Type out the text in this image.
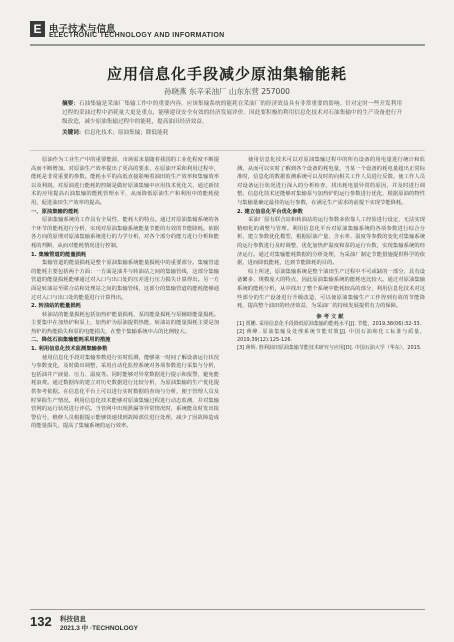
E 电子技术与信息
ELECTRONIC TECHNOLOGY AND INFORMATION
应用信息化手段减少原油集输能耗
孙晓燕 东辛采油厂 山东东营 257000
摘要：石油集输是采油厂集输工作中的重要内容。应该集输系统的能耗在采油厂的经济效益具有非常重要的影响。针对定时一些开发利用过程的采油过程中消耗量大更是重点，能够建设安全有效的经济发展评价。因此要积极的利用信息化技术对石油集输中的生产设备进行升级改造，减少原油集输过程中的能耗，提高油田经济效益。
关键词：信息化技术；原油集输；降低能耗

原油作为工业生产中的重要能源，市场需求量随着我国的工业化程度不断提高而不断增加。对原油生产效率提出了更高的要求，在原油开采和利用过程中，能耗是非常重要的参数。能耗水平的高低直接影响着油田的生产效率和集输效率以及利润。对原油进行能耗的控制是做好原油集输中应用技术优化关，通过新技术的应用提高石油集输的能耗管理水平，从而降低原油生产和利用中的能耗使用，促进油田生产效率的提高。

一、原油集输的能耗

原油集输系统的工作具有全局性，能耗大的特点。通过对原油集输系统的各个环节的能耗进行分析，实现对原油集输系统能量节能的有效的节能降耗。依据各方向的原理对原油集输系统进行的力学分析，对各个部分的能力进行分析和能耗的判断，从而对能耗情况进行控制。

1. 集输管道的能量损耗

集输管道的能量损耗是整个原油集输系统能量损耗中的重要部分。集输管道的能耗主要包括两个方面：一方面是油井与转油站之间的集输管线，这部分集输管道的能量损耗能够通过对入口与出口处的压差进行压力损失计算得出。另一方面是转油站至联合站和处理站之间的集输管线，这部分的集输管道的能耗能够通过对入口与出口处的能量进行计算得出。

2. 转油站的能量损耗

转油站的能量损耗包括加热炉能量损耗、泵的能量损耗与泵辅助能量损耗。主要集中在加热炉和泵上，加热炉为原油提供热能，转油站的能量损耗主要是加热炉的热能损失和泵的电能损失，在整个集输系统中占的比例较大。

二、降低石油集输能耗采用的措施

1. 利用信息化技术监测集输参数

使用信息化手段对集输参数进行实时监测，能够第一时间了解设备运行状况与参数变化，及时做出调整，采用自动化监控系统对各项参数进行采集与分析，包括油井产液量、压力、温度等。同时能够对异常数据进行提示和报警，避免能耗浪费。通过数据库的建立对历史数据进行比较分析，为原油集输的生产优化提供参考依据。在信息化平台上可以进行实时数据的查询与分析，便于管理人员及时掌握生产情况。利用信息化技术能够对原油集输过程进行动态监测，并对集输管网的运行状况进行评估。当管网中出现泄漏等异常情况时，系统能及时发出报警信号，维修人员根据提示能够快速找到故障部位进行处理，减少了因故障造成的能量损失，提高了集输系统的运行效率。

使用信息化技术可以对原油集输过程中的所有设备的用电量进行统计和监测。从而可以实时了解到各个设备的耗电量，当某一个设备的耗电量超出正常标准时，信息化的数据监测系统可以及时的向相关工作人员进行反馈。使工作人员对设备运行状况进行深入的分析检查，找出耗电量异常的原因，并及时进行调整。信息化技术还能够对集输泵与加热炉的运行参数进行优化，根据原油的物性与集输量确定最佳的运行参数，在满足生产需求的前提下实现节能降耗。

2. 建立信息化平台优化参数

采油厂原有联合站和转油站的运行参数多依靠人工经验进行设定，无法实现精细化的调整与管理。利用信息化平台对原油集输系统的各项参数进行综合分析，建立参数优化模型，根据原油产量、含水率、温度等参数的变化对集输系统的运行参数进行及时调整，优化加热炉温度和泵的运行台数，实现集输系统的经济运行。通过对集输能耗数据的分析处理，为采油厂制定节能措施提供科学的依据，进而降低能耗，达到节能降耗的目的。

综上所述，原油集输系统是整个油田生产过程中不可或缺的一部分，具有设备繁多、规模庞大的特点，因此原油集输系统的能耗也比较大。通过对原油集输系统的能耗分析，从中找出了整个系统中能耗较高的部分，利用信息化技术对这些部分的生产设备进行升级改造，可以使原油集输生产工作得到有效的节能降耗，提高整个油田的经济效益，为采油厂的持续发展提供有力的保障。

参考文献

[1] 贾鹏. 采用信息化手段降低原油集输的能耗水平[J]. 节能，2019,38(06):32-33.

[2] 蒋峰. 原油集输及处理系统节能对策[J]. 中国石油和化工标准与质量，2019,39(12):125-126.

[3] 蒋辉. 胜利油田原油集输节能技术研究与应用[D]. 中国石油大学（华东），2015.

132 科技信息
2021.3 中 ·TECHNOLOGY
